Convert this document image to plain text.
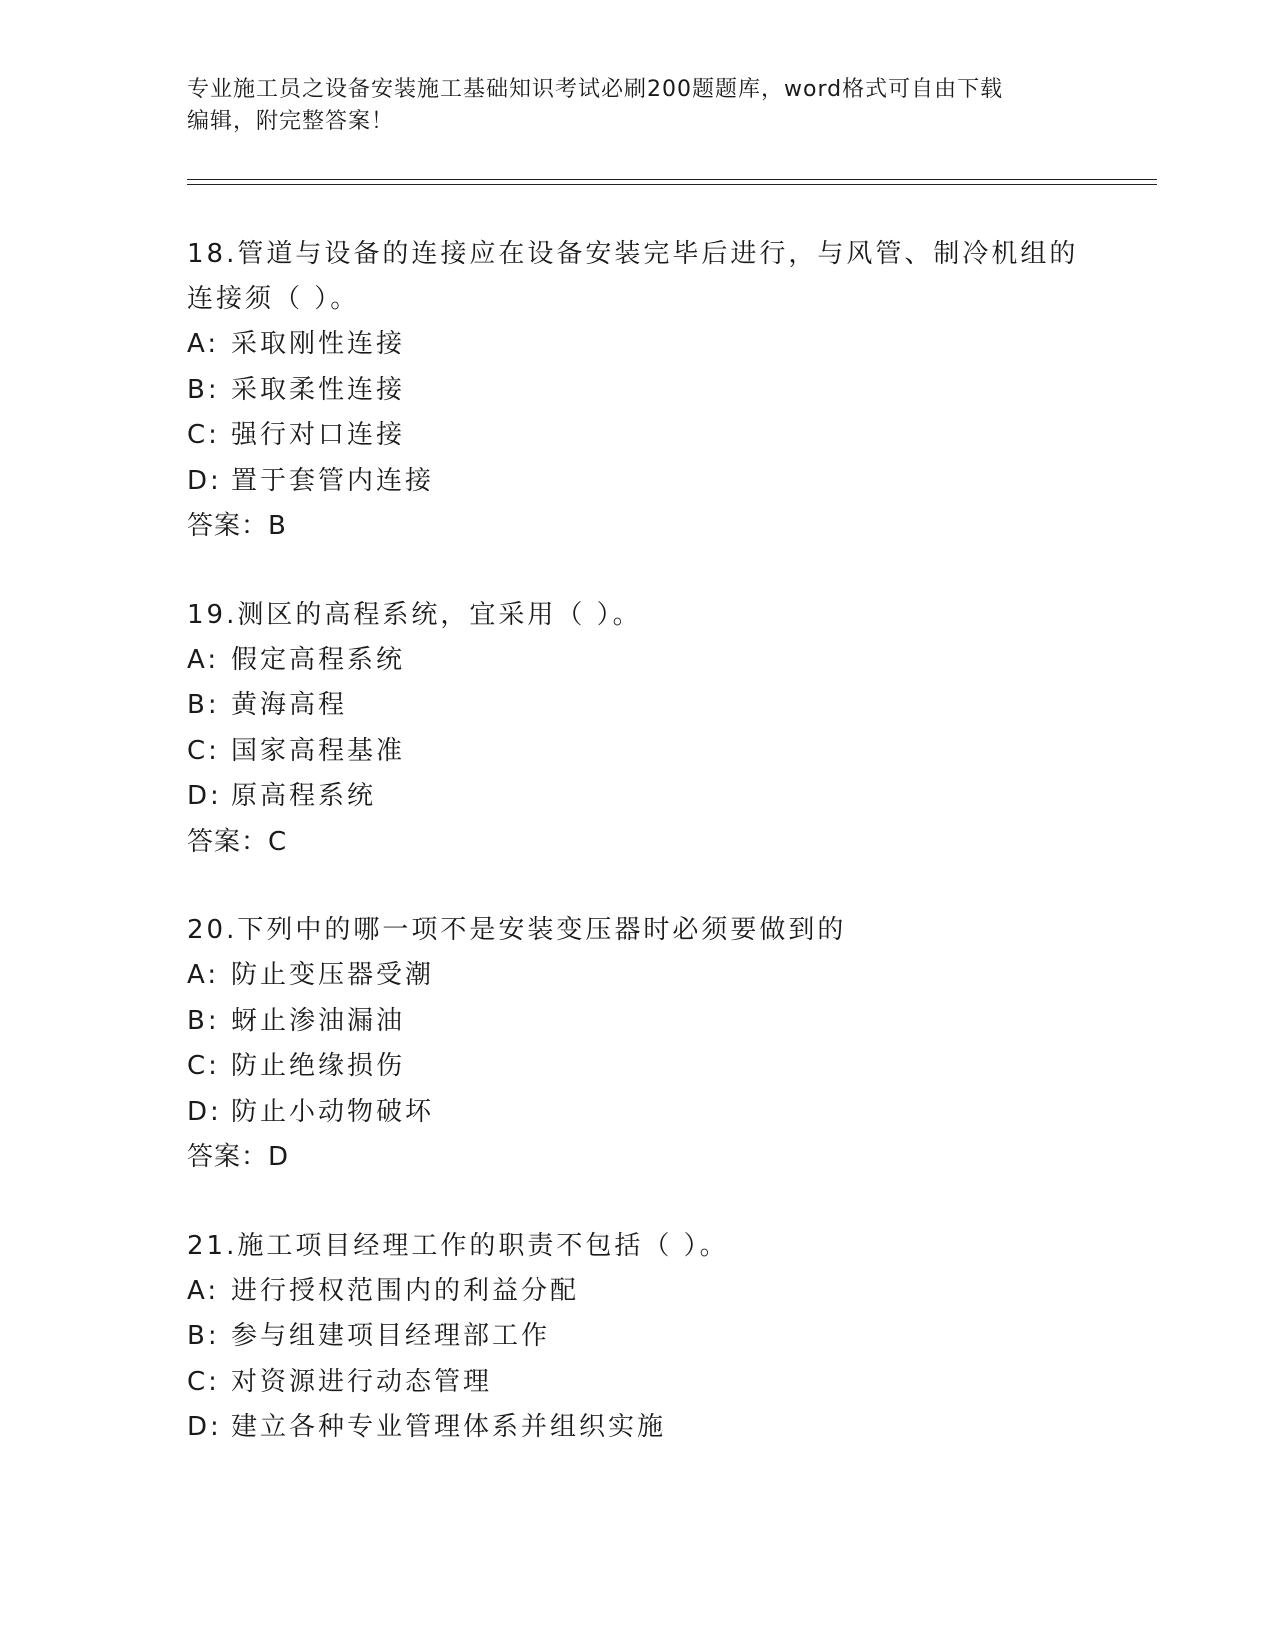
专业施工员之设备安装施工基础知识考试必刷200题题库，word格式可自由下载
编辑，附完整答案！

18.管道与设备的连接应在设备安装完毕后进行，与风管、制冷机组的

连接须（ ）。

A: 采取刚性连接

B: 采取柔性连接

C: 强行对口连接

D: 置于套管内连接

答案：B

19.测区的高程系统，宜采用（ ）。

A: 假定高程系统

B: 黄海高程

C: 国家高程基准

D: 原高程系统

答案：C

20.下列中的哪一项不是安装变压器时必须要做到的

A: 防止变压器受潮

B: 蚜止渗油漏油

C: 防止绝缘损伤

D: 防止小动物破坏

答案：D

21.施工项目经理工作的职责不包括（ ）。

A: 进行授权范围内的利益分配

B: 参与组建项目经理部工作

C: 对资源进行动态管理

D: 建立各种专业管理体系并组织实施
